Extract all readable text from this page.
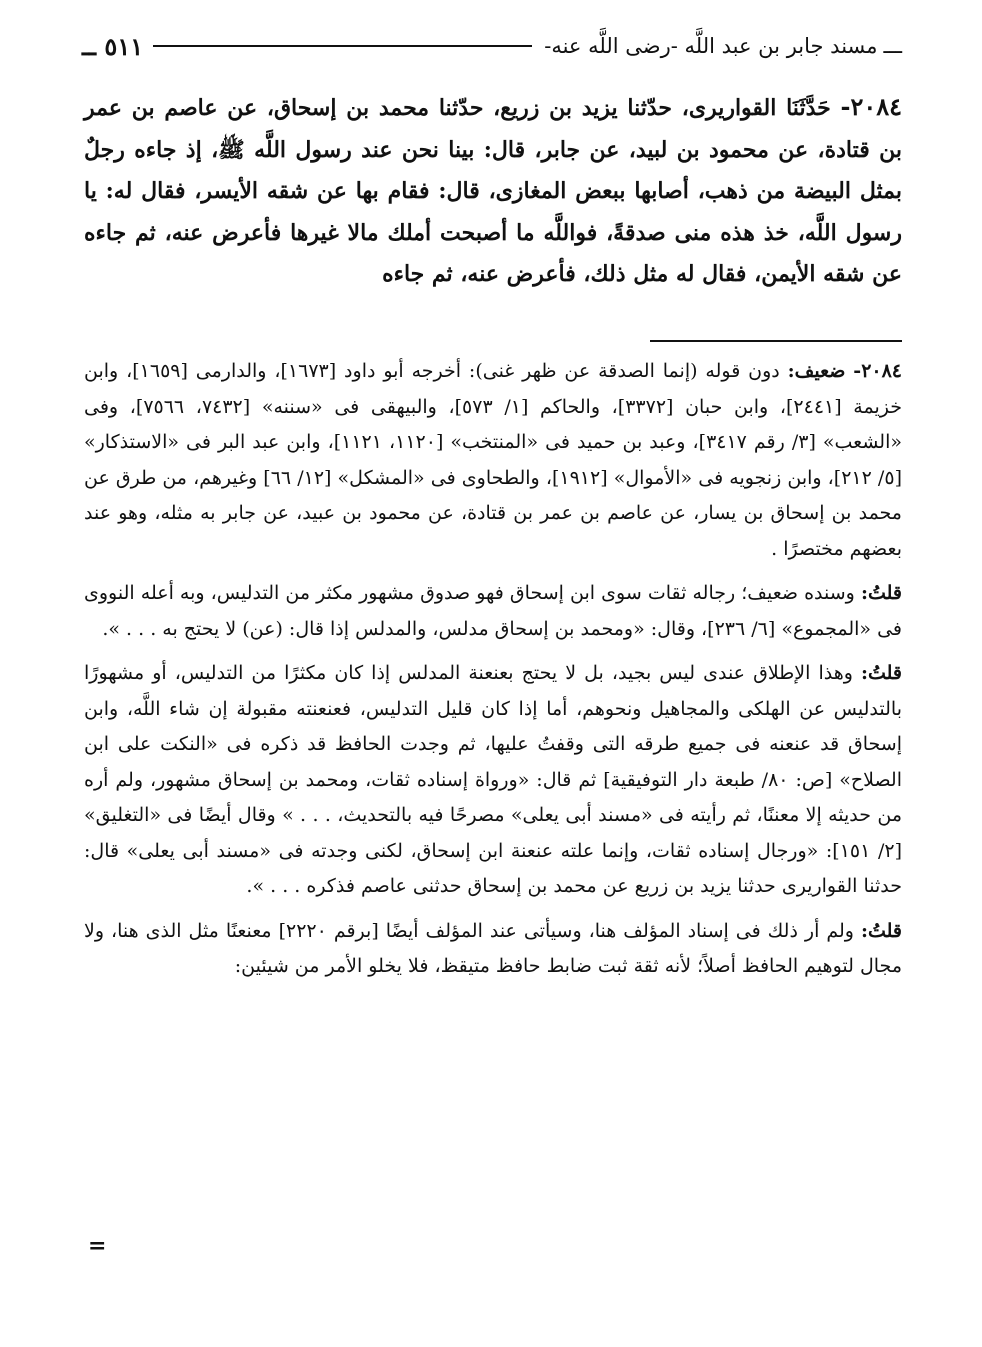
ـــ
مسند جابر بن عبد اللَّه -رضى اللَّه عنه-
٥١١ ــ
٢٠٨٤- حَدَّثَنَا القواريرى، حدّثنا يزيد بن زريع، حدّثنا محمد بن إسحاق، عن عاصم بن عمر بن قتادة، عن محمود بن لبيد، عن جابر، قال: بينا نحن عند رسول اللَّه ﷺ، إذ جاءه رجلٌ بمثل البيضة من ذهب، أصابها ببعض المغازى، قال: فقام بها عن شقه الأيسر، فقال له: يا رسول اللَّه، خذ هذه منى صدقةً، فواللَّه ما أصبحت أملك مالا غيرها فأعرض عنه، ثم جاءه عن شقه الأيمن، فقال له مثل ذلك، فأعرض عنه، ثم جاءه

٢٠٨٤- ضعيف: دون قوله (إنما الصدقة عن ظهر غنى): أخرجه أبو داود [١٦٧٣]، والدارمى [١٦٥٩]، وابن خزيمة [٢٤٤١]، وابن حبان [٣٣٧٢]، والحاكم [١/ ٥٧٣]، والبيهقى فى «سننه» [٧٤٣٢، ٧٥٦٦]، وفى «الشعب» [٣/ رقم ٣٤١٧]، وعبد بن حميد فى «المنتخب» [١١٢٠، ١١٢١]، وابن عبد البر فى «الاستذكار» [٥/ ٢١٢]، وابن زنجويه فى «الأموال» [١٩١٢]، والطحاوى فى «المشكل» [١٢/ ٦٦] وغيرهم، من طرق عن محمد بن إسحاق بن يسار، عن عاصم بن عمر بن قتادة، عن محمود بن عبيد، عن جابر به مثله، وهو عند بعضهم مختصرًا .

قلتُ: وسنده ضعيف؛ رجاله ثقات سوى ابن إسحاق فهو صدوق مشهور مكثر من التدليس، وبه أعله النووى فى «المجموع» [٦/ ٢٣٦]، وقال: «ومحمد بن إسحاق مدلس، والمدلس إذا قال: (عن) لا يحتج به . . . ».

قلتُ: وهذا الإطلاق عندى ليس بجيد، بل لا يحتج بعنعنة المدلس إذا كان مكثرًا من التدليس، أو مشهورًا بالتدليس عن الهلكى والمجاهيل ونحوهم، أما إذا كان قليل التدليس، فعنعنته مقبولة إن شاء اللَّه، وابن إسحاق قد عنعنه فى جميع طرقه التى وقفتُ عليها، ثم وجدت الحافظ قد ذكره فى «النكت على ابن الصلاح» [ص: ٨٠/ طبعة دار التوفيقية] ثم قال: «ورواة إسناده ثقات، ومحمد بن إسحاق مشهور، ولم أره من حديثه إلا معننًا، ثم رأيته فى «مسند أبى يعلى» مصرحًا فيه بالتحديث، . . . » وقال أيضًا فى «التغليق» [٢/ ١٥١]: «ورجال إسناده ثقات، وإنما علته عنعنة ابن إسحاق، لكنى وجدته فى «مسند أبى يعلى» قال: حدثنا القواريرى حدثنا يزيد بن زريع عن محمد بن إسحاق حدثنى عاصم فذكره . . . ».

قلتُ: ولم أر ذلك فى إسناد المؤلف هنا، وسيأتى عند المؤلف أيضًا [برقم ٢٢٢٠] معنعنًا مثل الذى هنا، ولا مجال لتوهيم الحافظ أصلاً؛ لأنه ثقة ثبت ضابط حافظ متيقظ، فلا يخلو الأمر من شيئين:

=
